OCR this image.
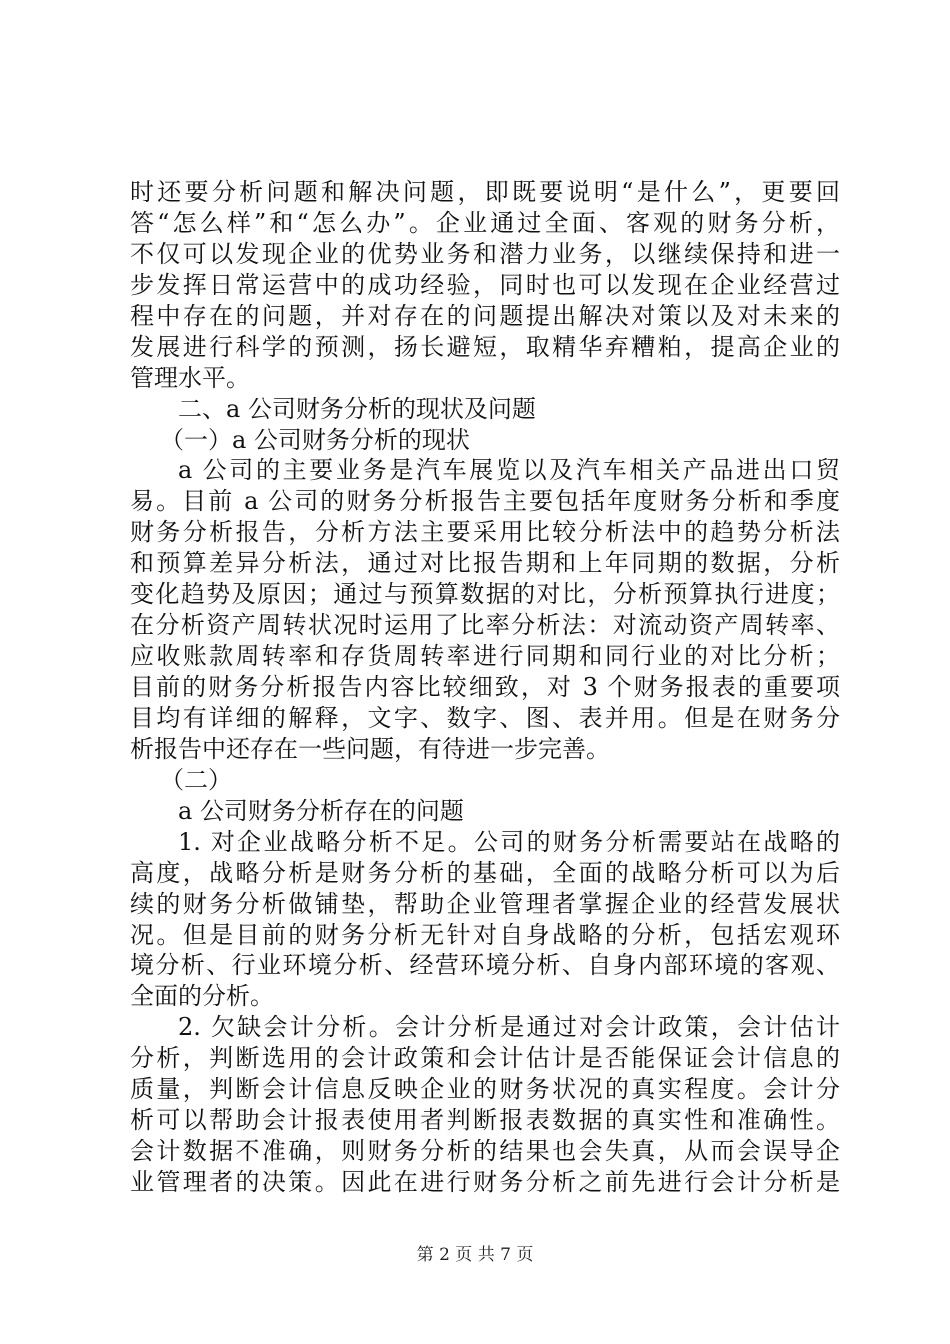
时还要分析问题和解决问题，即既要说明“是什么”，更要回
答“怎么样”和“怎么办”。企业通过全面、客观的财务分析，
不仅可以发现企业的优势业务和潜力业务，以继续保持和进一
步发挥日常运营中的成功经验，同时也可以发现在企业经营过
程中存在的问题，并对存在的问题提出解决对策以及对未来的
发展进行科学的预测，扬长避短，取精华弃糟粕，提高企业的
管理水平。
二、a 公司财务分析的现状及问题
（一）a 公司财务分析的现状
a 公司的主要业务是汽车展览以及汽车相关产品进出口贸
易。目前 a 公司的财务分析报告主要包括年度财务分析和季度
财务分析报告，分析方法主要采用比较分析法中的趋势分析法
和预算差异分析法，通过对比报告期和上年同期的数据，分析
变化趋势及原因；通过与预算数据的对比，分析预算执行进度；
在分析资产周转状况时运用了比率分析法：对流动资产周转率、
应收账款周转率和存货周转率进行同期和同行业的对比分析；
目前的财务分析报告内容比较细致，对 3 个财务报表的重要项
目均有详细的解释，文字、数字、图、表并用。但是在财务分
析报告中还存在一些问题，有待进一步完善。
（二）
a 公司财务分析存在的问题
1. 对企业战略分析不足。公司的财务分析需要站在战略的
高度，战略分析是财务分析的基础，全面的战略分析可以为后
续的财务分析做铺垫，帮助企业管理者掌握企业的经营发展状
况。但是目前的财务分析无针对自身战略的分析，包括宏观环
境分析、行业环境分析、经营环境分析、自身内部环境的客观、
全面的分析。
2. 欠缺会计分析。会计分析是通过对会计政策，会计估计
分析，判断选用的会计政策和会计估计是否能保证会计信息的
质量，判断会计信息反映企业的财务状况的真实程度。会计分
析可以帮助会计报表使用者判断报表数据的真实性和准确性。
第 2 页 共 7 页
会计数据不准确，则财务分析的结果也会失真，从而会误导企
业管理者的决策。因此在进行财务分析之前先进行会计分析是
